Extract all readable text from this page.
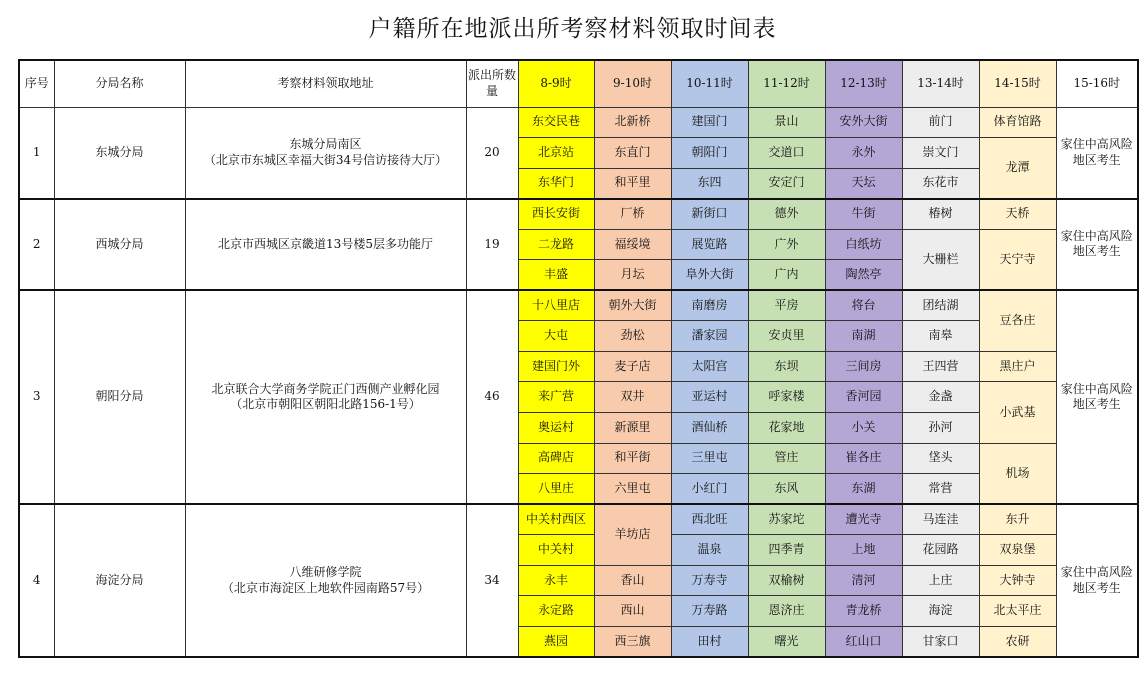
户籍所在地派出所考察材料领取时间表
序号	分局名称	考察材料领取地址	派出所数量	8-9时	9-10时	10-11时	11-12时	12-13时	13-14时	14-15时	15-16时
1	东城分局	东城分局南区
（北京市东城区幸福大街34号信访接待大厅）	20	东交民巷	北新桥	建国门	景山	安外大街	前门	体育馆路	家住中高风险地区考生
				北京站	东直门	朝阳门	交道口	永外	崇文门	龙潭	
				东华门	和平里	东四	安定门	天坛	东花市		
2	西城分局	北京市西城区京畿道13号楼5层多功能厅	19	西长安街	厂桥	新街口	德外	牛街	椿树	天桥	家住中高风险地区考生
				二龙路	福绥境	展览路	广外	白纸坊	大栅栏	天宁寺	
				丰盛	月坛	阜外大街	广内	陶然亭			
3	朝阳分局	北京联合大学商务学院正门西侧产业孵化园
（北京市朝阳区朝阳北路156-1号）	46	十八里店	朝外大街	南磨房	平房	将台	团结湖	豆各庄	家住中高风险地区考生
				大屯	劲松	潘家园	安贞里	南湖	南皋		
				建国门外	麦子店	太阳宫	东坝	三间房	王四营	黑庄户	
				来广营	双井	亚运村	呼家楼	香河园	金盏	小武基	
				奥运村	新源里	酒仙桥	花家地	小关	孙河		
				高碑店	和平街	三里屯	管庄	崔各庄	垡头	机场	
				八里庄	六里屯	小红门	东风	东湖	常营		
4	海淀分局	八维研修学院
（北京市海淀区上地软件园南路57号）	34	中关村西区	羊坊店	西北旺	苏家坨	遭光寺	马连洼	东升	家住中高风险地区考生
				中关村		温泉	四季青	上地	花园路	双泉堡	
				永丰	香山	万寿寺	双榆树	清河	上庄	大钟寺	
				永定路	西山	万寿路	恩济庄	青龙桥	海淀	北太平庄	
				燕园	西三旗	田村	曙光	红山口	甘家口	农研	
